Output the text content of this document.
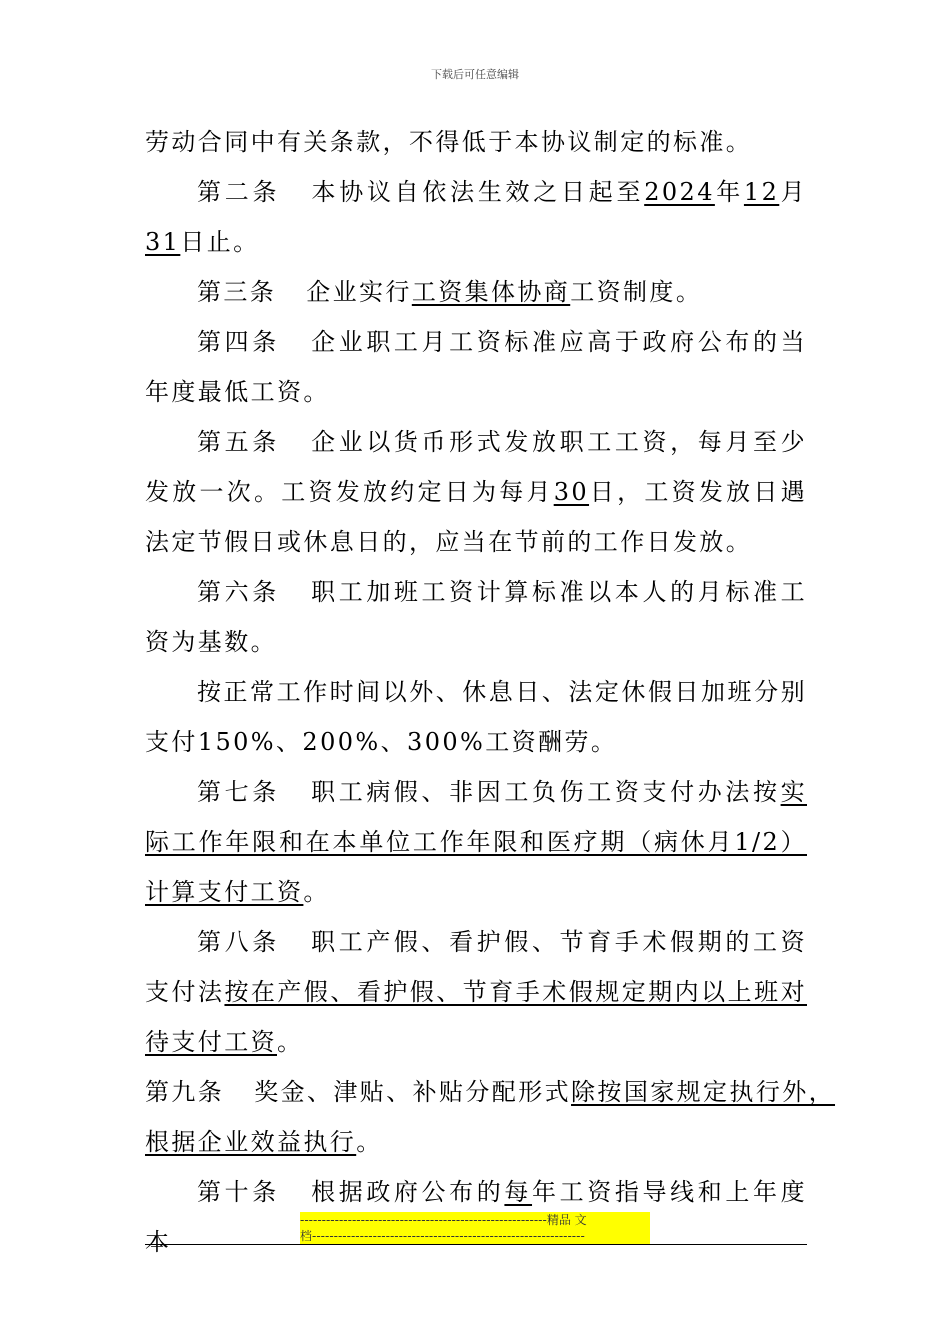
下载后可任意编辑

劳动合同中有关条款，不得低于本协议制定的标准。

第二条 本协议自依法生效之日起至2024年12月31日止。

第三条 企业实行工资集体协商工资制度。

第四条 企业职工月工资标准应高于政府公布的当年度最低工资。

第五条 企业以货币形式发放职工工资，每月至少发放一次。工资发放约定日为每月30日，工资发放日遇法定节假日或休息日的，应当在节前的工作日发放。

第六条 职工加班工资计算标准以本人的月标准工资为基数。

按正常工作时间以外、休息日、法定休假日加班分别支付150%、200%、300%工资酬劳。

第七条 职工病假、非因工负伤工资支付办法按实际工作年限和在本单位工作年限和医疗期（病休月1/2）计算支付工资。

第八条 职工产假、看护假、节育手术假期的工资支付法按在产假、看护假、节育手术假规定期内以上班对待支付工资。

第九条 奖金、津贴、补贴分配形式除按国家规定执行外，
根据企业效益执行。

第十条 根据政府公布的每年工资指导线和上年度本

---------------------------------------------------------精品 文
档---------------------------------------------------------------
